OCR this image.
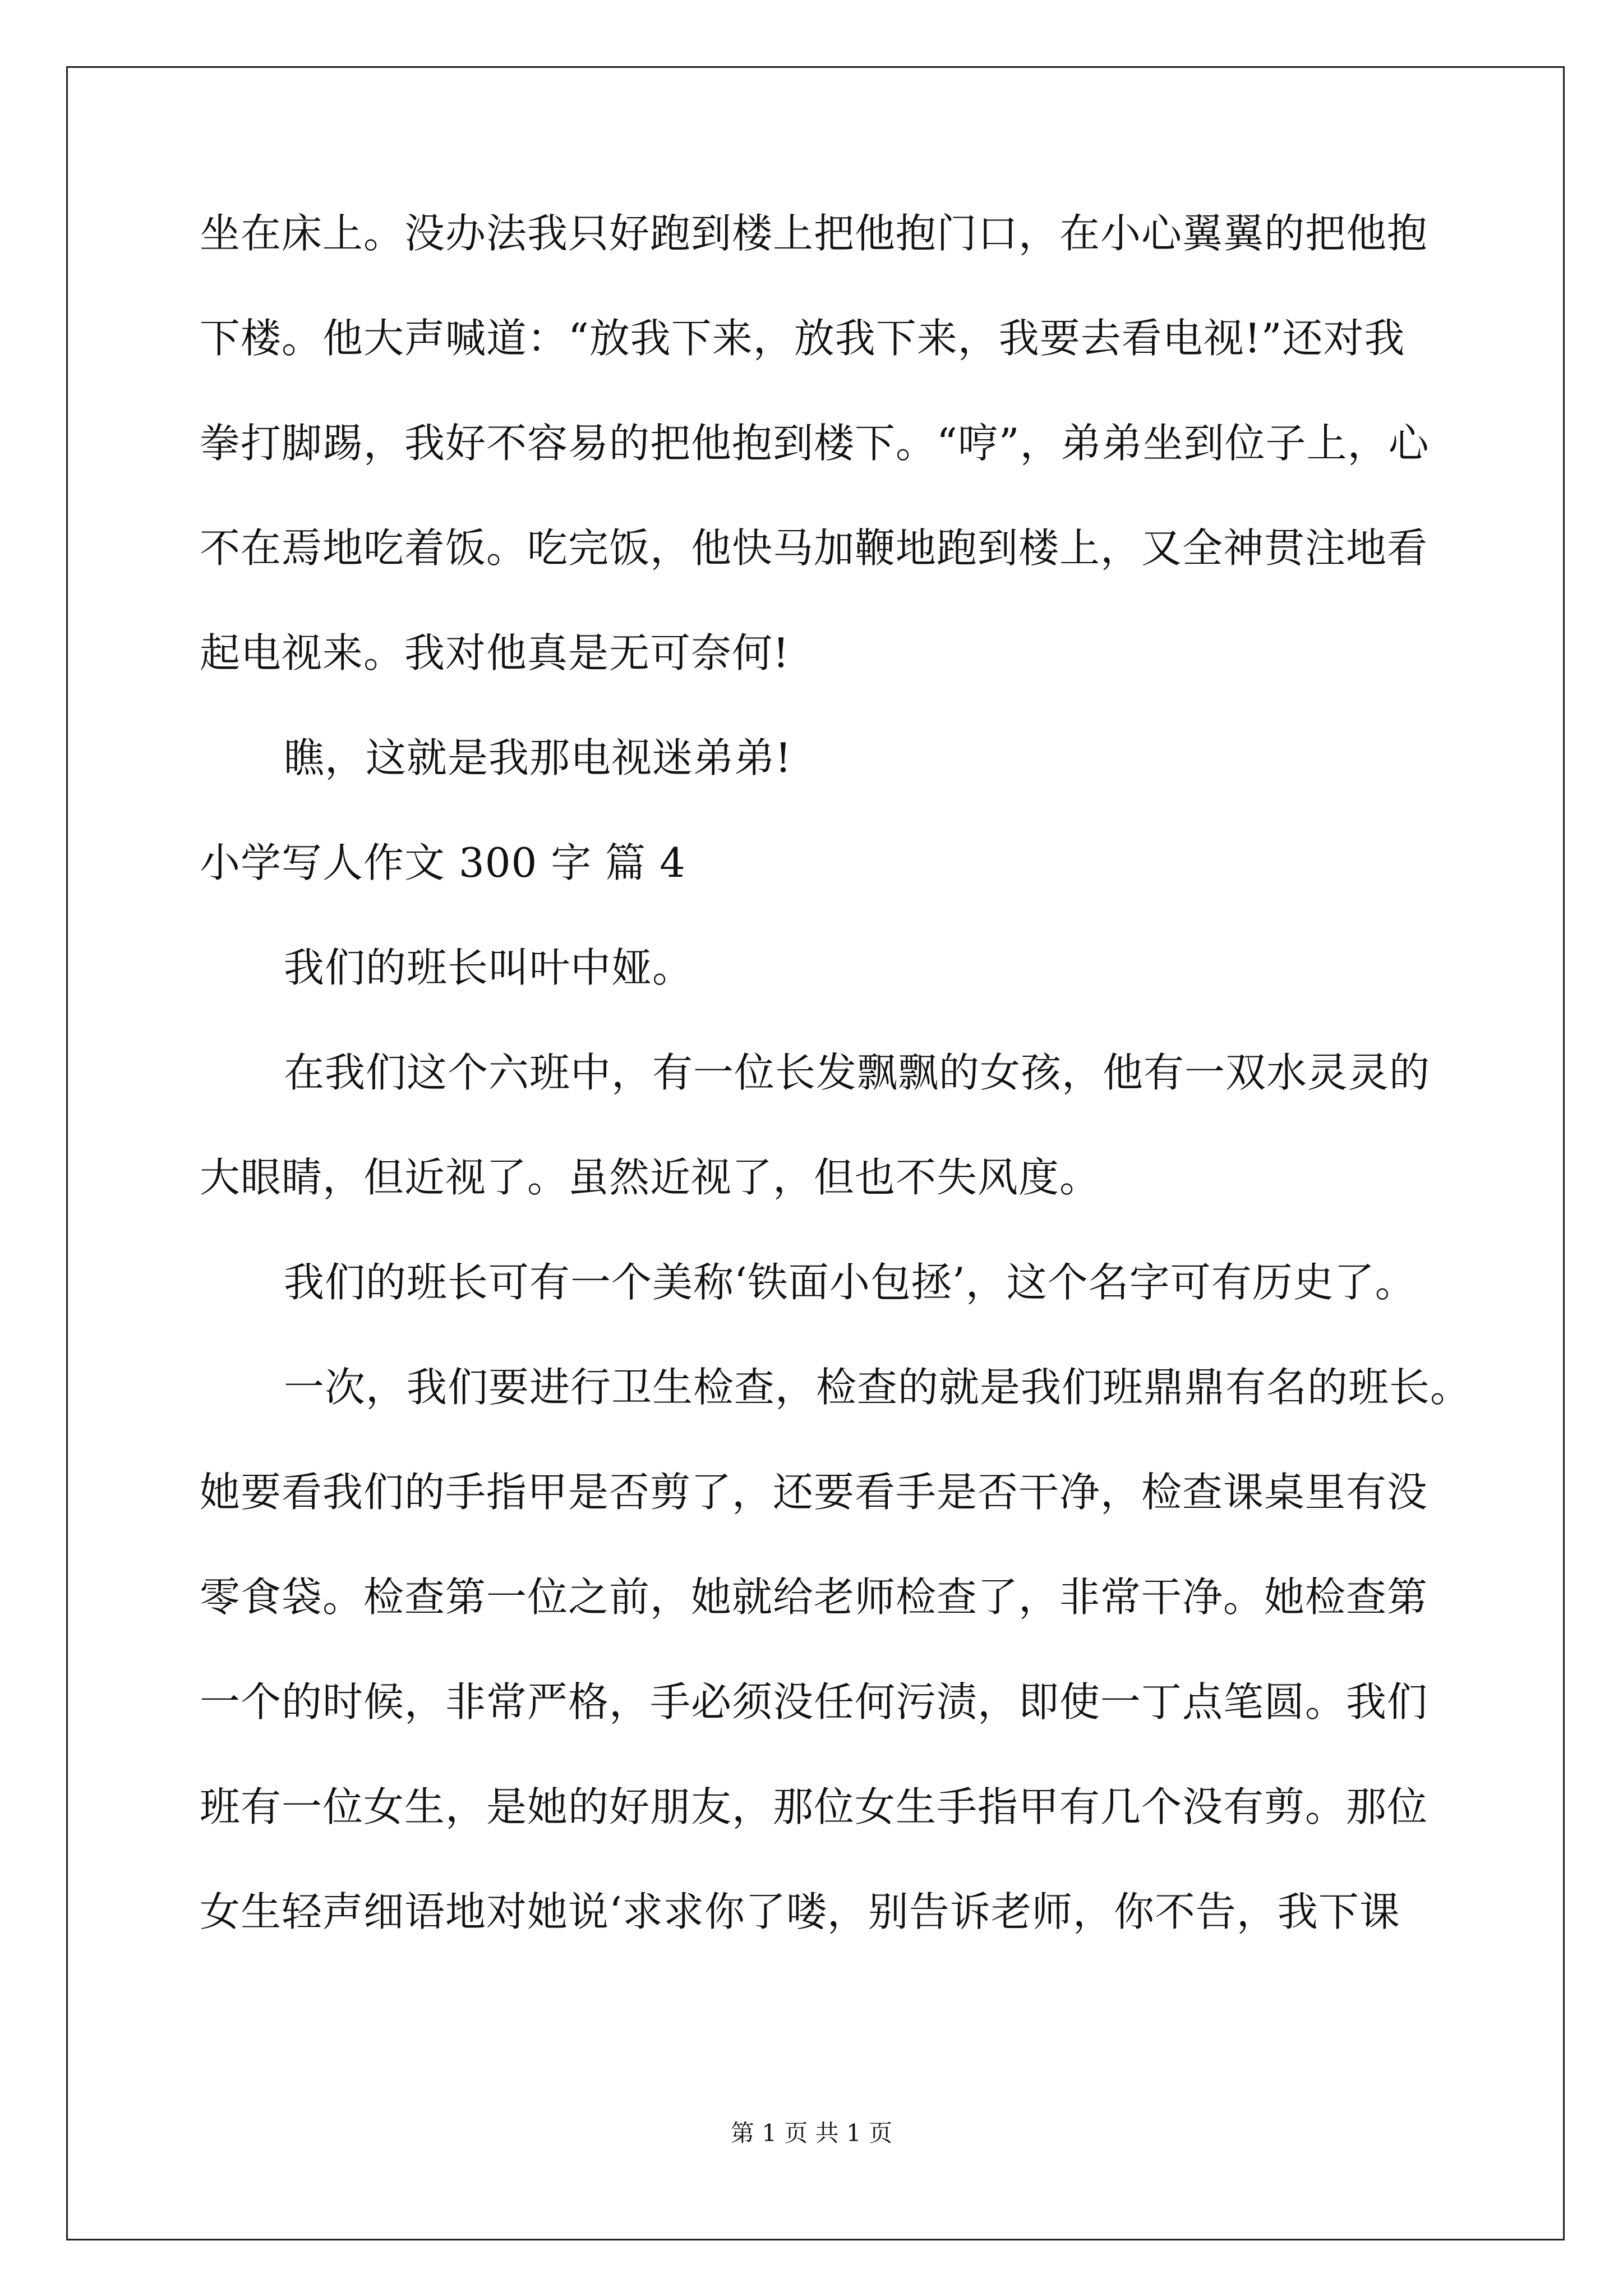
坐在床上。没办法我只好跑到楼上把他抱门口，在小心翼翼的把他抱
下楼。他大声喊道：“放我下来，放我下来，我要去看电视!”还对我
拳打脚踢，我好不容易的把他抱到楼下。“哼”，弟弟坐到位子上，心
不在焉地吃着饭。吃完饭，他快马加鞭地跑到楼上，又全神贯注地看
起电视来。我对他真是无可奈何!
瞧，这就是我那电视迷弟弟!
小学写人作文 300 字 篇 4
我们的班长叫叶中娅。
在我们这个六班中，有一位长发飘飘的女孩，他有一双水灵灵的
大眼睛，但近视了。虽然近视了，但也不失风度。
我们的班长可有一个美称‘铁面小包拯’，这个名字可有历史了。
一次，我们要进行卫生检查，检查的就是我们班鼎鼎有名的班长。
她要看我们的手指甲是否剪了，还要看手是否干净，检查课桌里有没
零食袋。检查第一位之前，她就给老师检查了，非常干净。她检查第
一个的时候，非常严格，手必须没任何污渍，即使一丁点笔圆。我们
班有一位女生，是她的好朋友，那位女生手指甲有几个没有剪。那位
女生轻声细语地对她说‘求求你了喽，别告诉老师，你不告，我下课
第 1 页 共 1 页
